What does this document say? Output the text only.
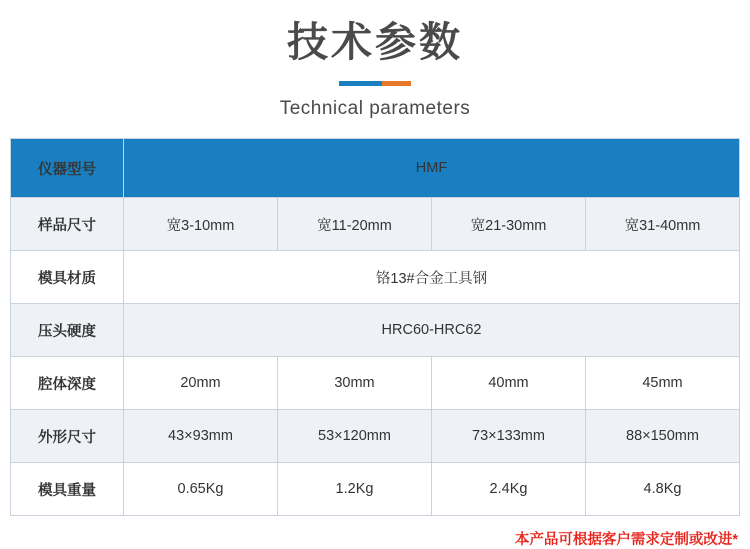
技术参数
Technical parameters
仪器型号	HMF			
样品尺寸	宽3-10mm	宽11-20mm	宽21-30mm	宽31-40mm
模具材质	铬13#合金工具钢			
压头硬度	HRC60-HRC62			
腔体深度	20mm	30mm	40mm	45mm
外形尺寸	43×93mm	53×120mm	73×133mm	88×150mm
模具重量	0.65Kg	1.2Kg	2.4Kg	4.8Kg
本产品可根据客户需求定制或改进*
